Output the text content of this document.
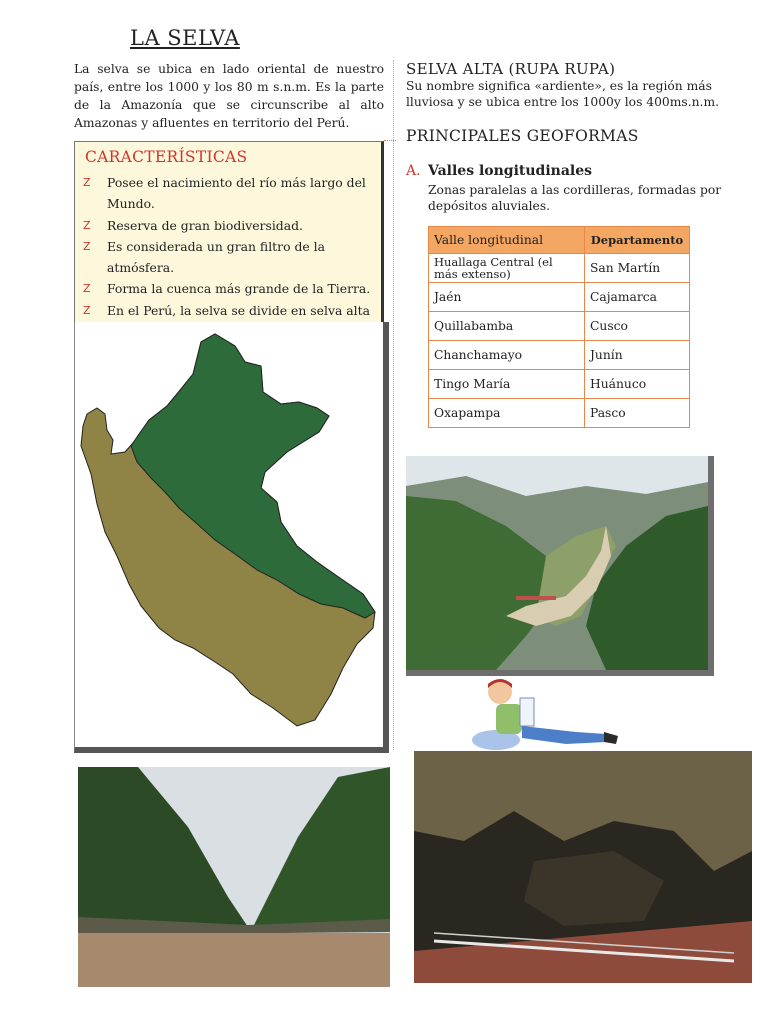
LA SELVA
La selva se ubica en lado oriental de nuestro país, entre los 1000 y los 80 m s.n.m. Es la parte de la Amazonía que se circunscribe al alto Amazonas y afluentes en territorio del Perú.
CARACTERÍSTICAS
Z	Posee el nacimiento del río más largo del Mundo.
Z	Reserva de gran biodiversidad.
Z	Es considerada un gran filtro de la atmósfera.
Z	Forma la cuenca más grande de la Tierra.
Z	En el Perú, la selva se divide en selva alta
SELVA ALTA (RUPA RUPA)
Su nombre significa «ardiente», es la región más lluviosa y se ubica entre los 1000y los 400ms.n.m.
PRINCIPALES GEOFORMAS
A. Valles longitudinales
Zonas paralelas a las cordilleras, formadas por depósitos aluviales.
Valle longitudinal	Departamento
Huallaga Central (el más extenso)	San Martín
Jaén	Cajamarca
Quillabamba	Cusco
Chanchamayo	Junín
Tingo María	Huánuco
Oxapampa	Pasco
